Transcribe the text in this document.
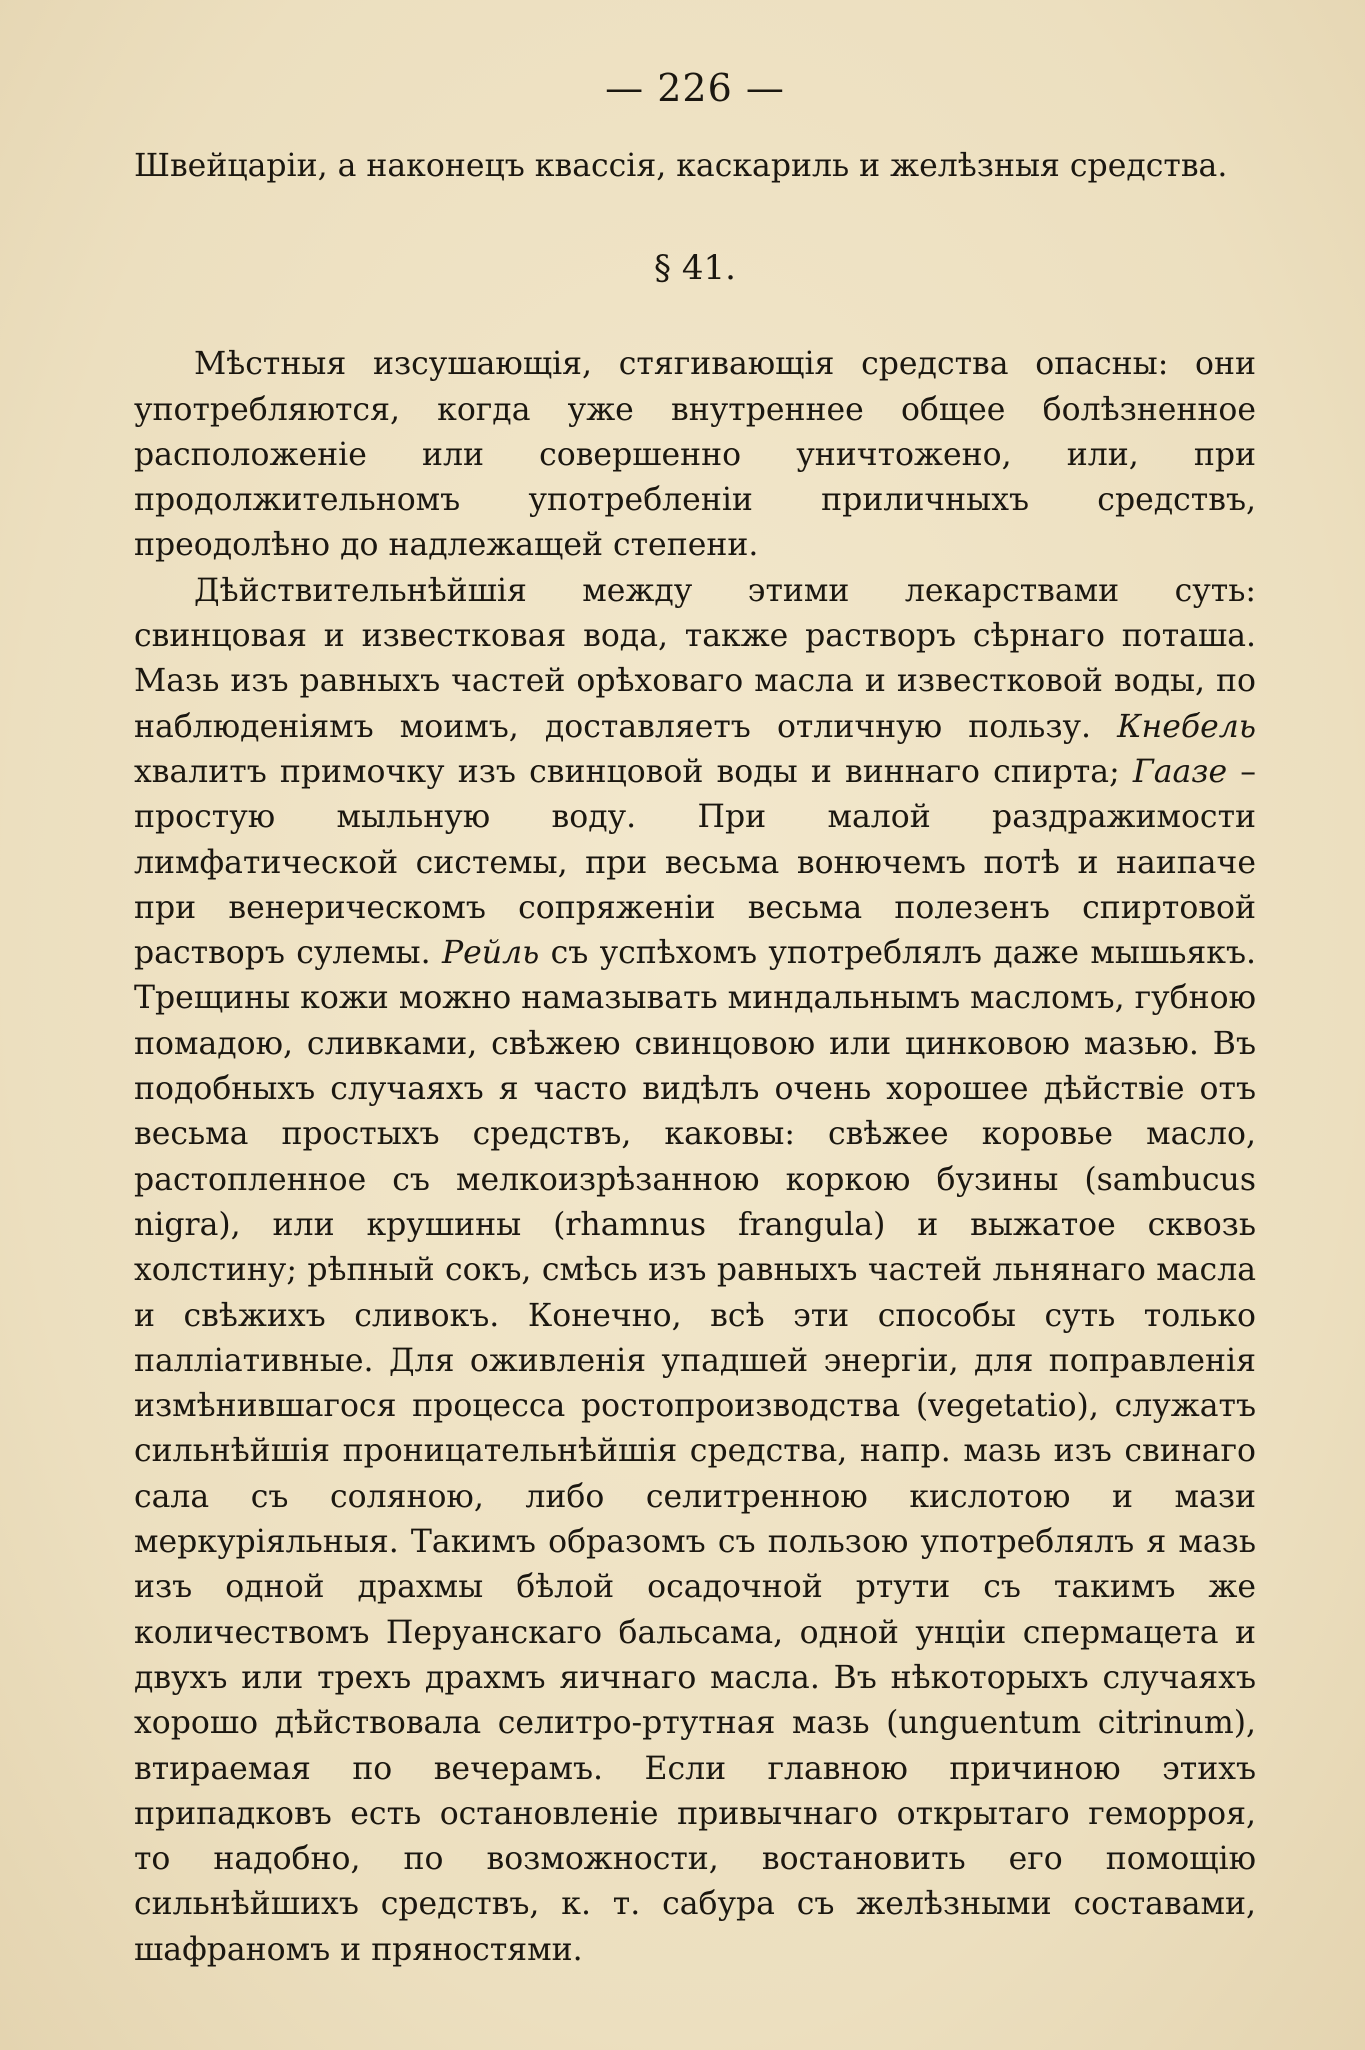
— 226 —

Швейцаріи, а наконецъ квассія, каскариль и желѣзныя средства.

§ 41.

Мѣстныя изсушающія, стягивающія средства опасны: они употребляются, когда уже внутреннее общее болѣзненное расположеніе или совершенно уничтожено, или, при продолжительномъ употребленіи приличныхъ средствъ, преодолѣно до надлежащей степени.

Дѣйствительнѣйшія между этими лекарствами суть: свинцовая и известковая вода, также растворъ сѣрнаго поташа. Мазь изъ равныхъ частей орѣховаго масла и известковой воды, по наблюденіямъ моимъ, доставляетъ отличную пользу. Кнебель хвалитъ примочку изъ свинцовой воды и виннаго спирта; Гаазе – простую мыльную воду. При малой раздражимости лимфатической системы, при весьма вонючемъ потѣ и наипаче при венерическомъ сопряженіи весьма полезенъ спиртовой растворъ сулемы. Рейль съ успѣхомъ употреблялъ даже мышьякъ. Трещины кожи можно намазывать миндальнымъ масломъ, губною помадою, сливками, свѣжею свинцовою или цинковою мазью. Въ подобныхъ случаяхъ я часто видѣлъ очень хорошее дѣйствіе отъ весьма простыхъ средствъ, каковы: свѣжее коровье масло, растопленное съ мелкоизрѣзанною коркою бузины (sambucus nigra), или крушины (rhamnus frangula) и выжатое сквозь холстину; рѣпный сокъ, смѣсь изъ равныхъ частей льнянаго масла и свѣжихъ сливокъ. Конечно, всѣ эти способы суть только палліативные. Для оживленія упадшей энергіи, для поправленія измѣнившагося процесса ростопроизводства (vegetatio), служатъ сильнѣйшія проницательнѣйшія средства, напр. мазь изъ свинаго сала съ соляною, либо селитренною кислотою и мази меркуріяльныя. Такимъ образомъ съ пользою употреблялъ я мазь изъ одной драхмы бѣлой осадочной ртути съ такимъ же количествомъ Перуанскаго бальсама, одной унціи спермацета и двухъ или трехъ драхмъ яичнаго масла. Въ нѣкоторыхъ случаяхъ хорошо дѣйствовала селитро-ртутная мазь (unguentum citrinum), втираемая по вечерамъ. Если главною причиною этихъ припадковъ есть остановленіе привычнаго открытаго геморроя, то надобно, по возможности, востановить его помощію сильнѣйшихъ средствъ, к. т. сабура съ желѣзными составами, шафраномъ и пряностями.
